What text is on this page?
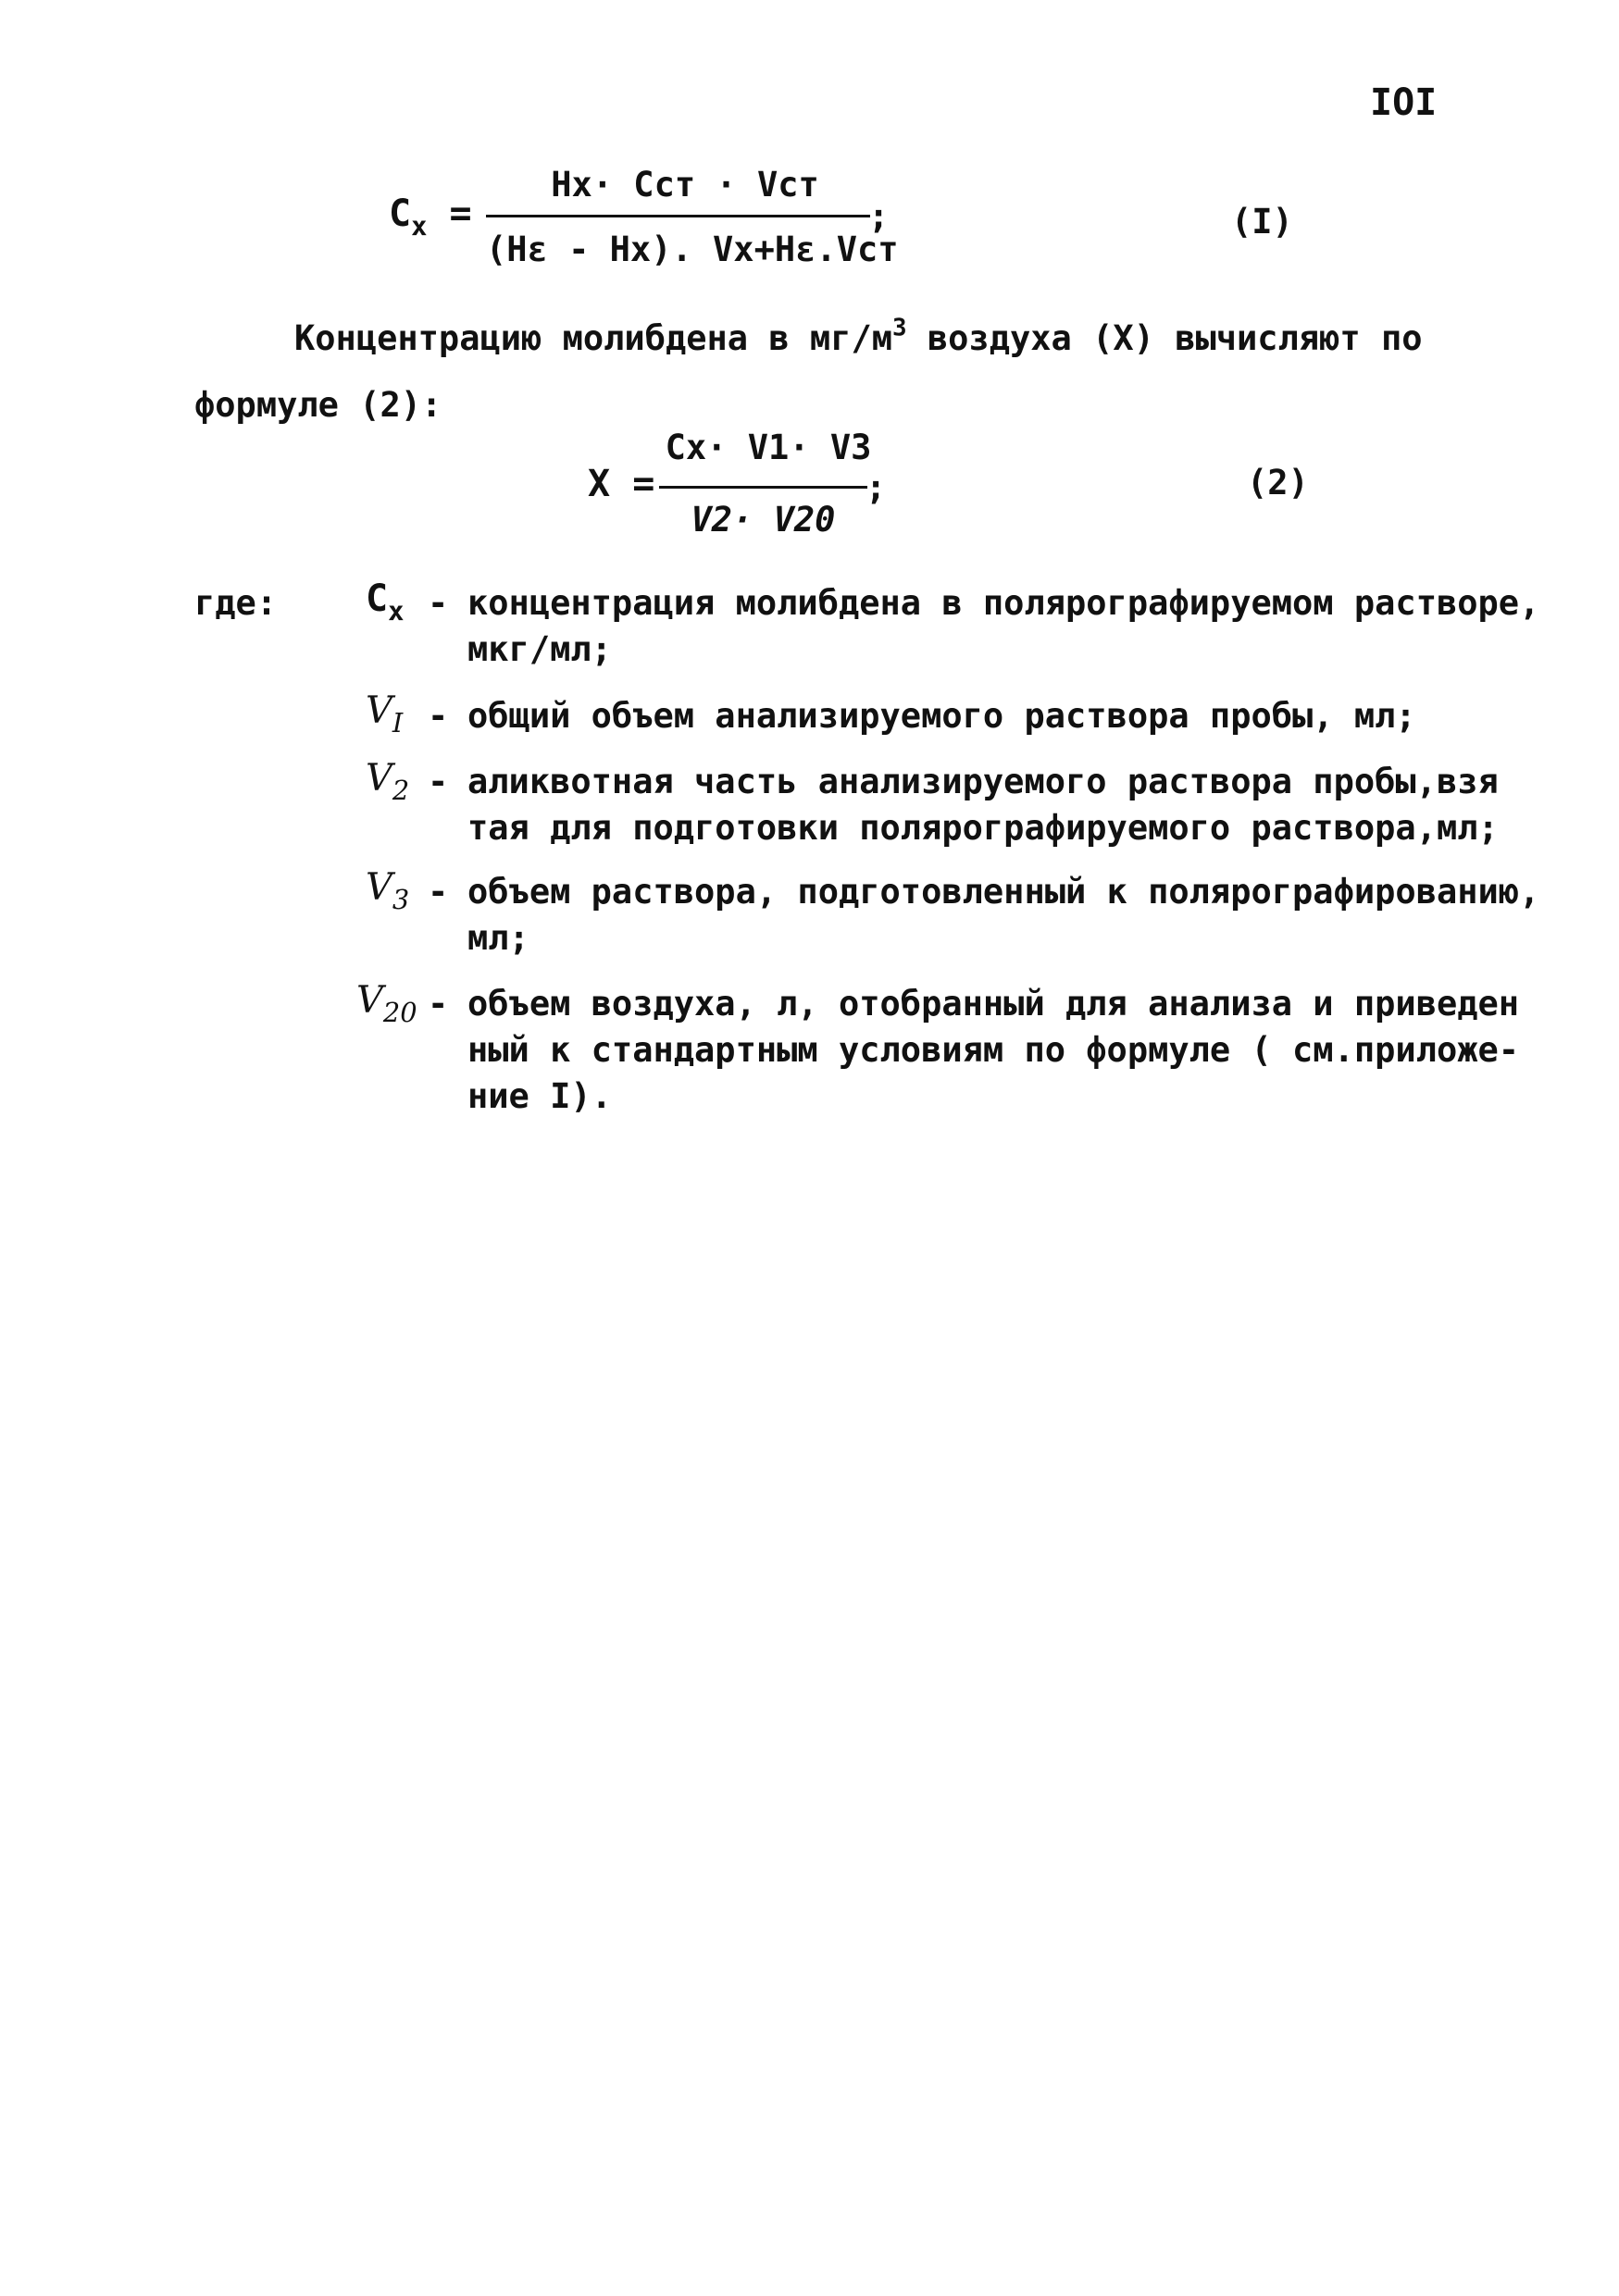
IOI
$C_x$ =
Hx· Cст · Vст
(Hε - Hx). Vx+Hε.Vст
;	(I)
Концентрацию молибдена в $мг/м^3$ воздуха (X) вычисляют по
формуле (2):
X =
Cx· V1· V3
V2· V20
;	(2)
где: $C_x$ - концентрация молибдена в полярографируемом растворе,
мкг/мл;
$V_I$ - общий объем анализируемого раствора пробы, мл;
$V_2$ - аликвотная часть анализируемого раствора пробы,взя
тая для подготовки полярографируемого раствора,мл;
$V_3$ - объем раствора, подготовленный к полярографированию,
мл;
$V_{20}$ - объем воздуха, л, отобранный для анализа и приведен
ный к стандартным условиям по формуле ( см.приложе-
ние I).
